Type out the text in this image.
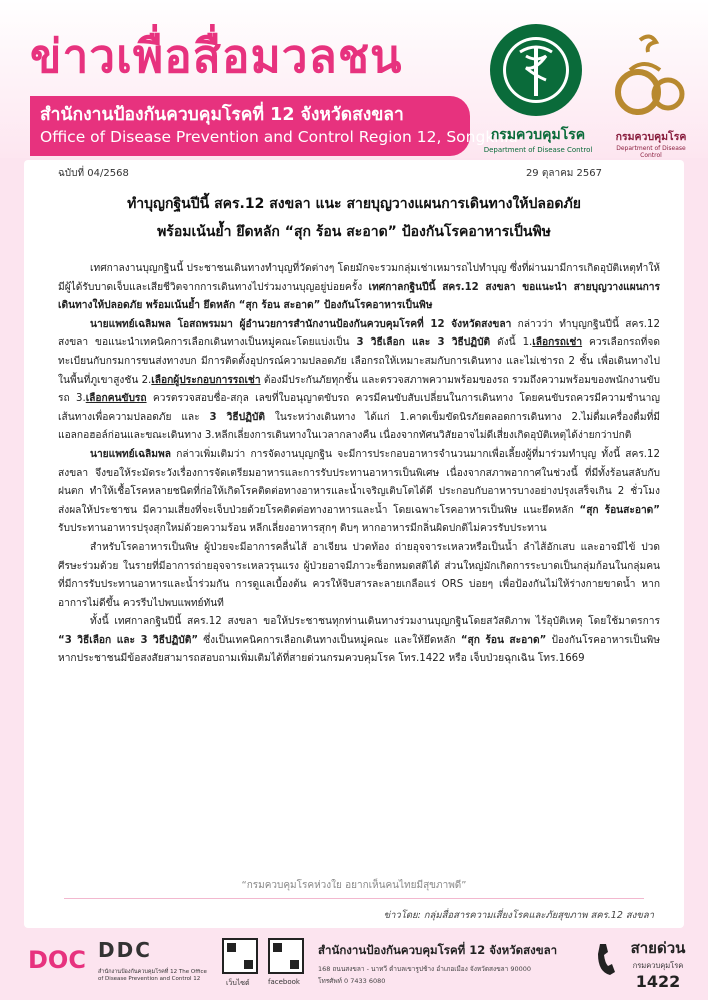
ข่าวเพื่อสื่อมวลชน
สำนักงานป้องกันควบคุมโรคที่ 12 จังหวัดสงขลา
Office of Disease Prevention and Control Region 12, Songkhla
กรมควบคุมโรค
Department of Disease Control
กรมควบคุมโรค
Department of Disease Control
ฉบับที่ 04/2568	29 ตุลาคม 2567
ทำบุญกฐินปีนี้ สคร.12 สงขลา แนะ สายบุญวางแผนการเดินทางให้ปลอดภัย
พร้อมเน้นย้ำ ยึดหลัก “สุก ร้อน สะอาด” ป้องกันโรคอาหารเป็นพิษ

เทศกาลงานบุญกฐินนี้ ประชาชนเดินทางทำบุญที่วัดต่างๆ โดยมักจะรวมกลุ่มเช่าเหมารถไปทำบุญ ซึ่งที่ผ่านมามีการเกิดอุบัติเหตุทำให้มีผู้ได้รับบาดเจ็บและเสียชีวิตจากการเดินทางไปร่วมงานบุญอยู่บ่อยครั้ง เทศกาลกฐินปีนี้ สคร.12 สงขลา ขอแนะนำ สายบุญวางแผนการเดินทางให้ปลอดภัย พร้อมเน้นย้ำ ยึดหลัก “สุก ร้อน สะอาด” ป้องกันโรคอาหารเป็นพิษ

นายแพทย์เฉลิมพล โอสถพรมมา ผู้อำนวยการสำนักงานป้องกันควบคุมโรคที่ 12 จังหวัดสงขลา กล่าวว่า ทำบุญกฐินปีนี้ สคร.12 สงขลา ขอแนะนำเทคนิคการเลือกเดินทางเป็นหมู่คณะโดยแบ่งเป็น 3 วิธีเลือก และ 3 วิธีปฏิบัติ ดังนี้ 1.เลือกรถเช่า ควรเลือกรถที่จดทะเบียนกับกรมการขนส่งทางบก มีการติดตั้งอุปกรณ์ความปลอดภัย เลือกรถให้เหมาะสมกับการเดินทาง และไม่เช่ารถ 2 ชั้น เพื่อเดินทางไปในพื้นที่ภูเขาสูงชัน 2.เลือกผู้ประกอบการรถเช่า ต้องมีประกันภัยทุกชั้น และตรวจสภาพความพร้อมของรถ รวมถึงความพร้อมของพนักงานขับรถ 3.เลือกคนขับรถ ควรตรวจสอบชื่อ-สกุล เลขที่ใบอนุญาตขับรถ ควรมีคนขับสับเปลี่ยนในการเดินทาง โดยคนขับรถควรมีความชำนาญเส้นทางเพื่อความปลอดภัย และ 3 วิธีปฏิบัติ ในระหว่างเดินทาง ได้แก่ 1.คาดเข็มขัดนิรภัยตลอดการเดินทาง 2.ไม่ดื่มเครื่องดื่มที่มีแอลกอฮอล์ก่อนและขณะเดินทาง 3.หลีกเลี่ยงการเดินทางในเวลากลางคืน เนื่องจากทัศนวิสัยอาจไม่ดีเสี่ยงเกิดอุบัติเหตุได้ง่ายกว่าปกติ

นายแพทย์เฉลิมพล กล่าวเพิ่มเติมว่า การจัดงานบุญกฐิน จะมีการประกอบอาหารจำนวนมากเพื่อเลี้ยงผู้ที่มาร่วมทำบุญ ทั้งนี้ สคร.12 สงขลา จึงขอให้ระมัดระวังเรื่องการจัดเตรียมอาหารและการรับประทานอาหารเป็นพิเศษ เนื่องจากสภาพอากาศในช่วงนี้ ที่มีทั้งร้อนสลับกับฝนตก ทำให้เชื้อโรคหลายชนิดที่ก่อให้เกิดโรคติดต่อทางอาหารและน้ำเจริญเติบโตได้ดี ประกอบกับอาหารบางอย่างปรุงเสร็จเกิน 2 ชั่วโมง ส่งผลให้ประชาชน มีความเสี่ยงที่จะเจ็บป่วยด้วยโรคติดต่อทางอาหารและน้ำ โดยเฉพาะโรคอาหารเป็นพิษ แนะยึดหลัก “สุก ร้อนสะอาด” รับประทานอาหารปรุงสุกใหม่ด้วยความร้อน หลีกเลี่ยงอาหารสุกๆ ดิบๆ หากอาหารมีกลิ่นผิดปกติไม่ควรรับประทาน

สำหรับโรคอาหารเป็นพิษ ผู้ป่วยจะมีอาการคลื่นไส้ อาเจียน ปวดท้อง ถ่ายอุจจาระเหลวหรือเป็นน้ำ ลำไส้อักเสบ และอาจมีไข้ ปวดศีรษะร่วมด้วย ในรายที่มีอาการถ่ายอุจจาระเหลวรุนแรง ผู้ป่วยอาจมีภาวะช็อกหมดสติได้ ส่วนใหญ่มักเกิดการระบาดเป็นกลุ่มก้อนในกลุ่มคนที่มีการรับประทานอาหารและน้ำร่วมกัน การดูแลเบื้องต้น ควรให้จิบสารละลายเกลือแร่ ORS บ่อยๆ เพื่อป้องกันไม่ให้ร่างกายขาดน้ำ หากอาการไม่ดีขึ้น ควรรีบไปพบแพทย์ทันที

ทั้งนี้ เทศกาลกฐินปีนี้ สคร.12 สงขลา ขอให้ประชาชนทุกท่านเดินทางร่วมงานบุญกฐินโดยสวัสดิภาพ ไร้อุบัติเหตุ โดยใช้มาตรการ “3 วิธีเลือก และ 3 วิธีปฏิบัติ” ซึ่งเป็นเทคนิคการเลือกเดินทางเป็นหมู่คณะ และให้ยึดหลัก “สุก ร้อน สะอาด” ป้องกันโรคอาหารเป็นพิษ หากประชาชนมีข้อสงสัยสามารถสอบถามเพิ่มเติมได้ที่สายด่วนกรมควบคุมโรค โทร.1422 หรือ เจ็บป่วยฉุกเฉิน โทร.1669

“กรมควบคุมโรคห่วงใย อยากเห็นคนไทยมีสุขภาพดี”
ข่าวโดย: กลุ่มสื่อสารความเสี่ยงโรคและภัยสุขภาพ สคร.12 สงขลา
DOC DDC
สำนักงานป้องกันควบคุมโรคที่ 12 The Office of Disease Prevention and Control 12	เว็บไซต์	facebook
สำนักงานป้องกันควบคุมโรคที่ 12 จังหวัดสงขลา
168 ถนนสงขลา - นาทวี ตำบลเขารูปช้าง อำเภอเมือง จังหวัดสงขลา 90000
โทรศัพท์ 0 7433 6080
สายด่วน
กรมควบคุมโรค
1422
